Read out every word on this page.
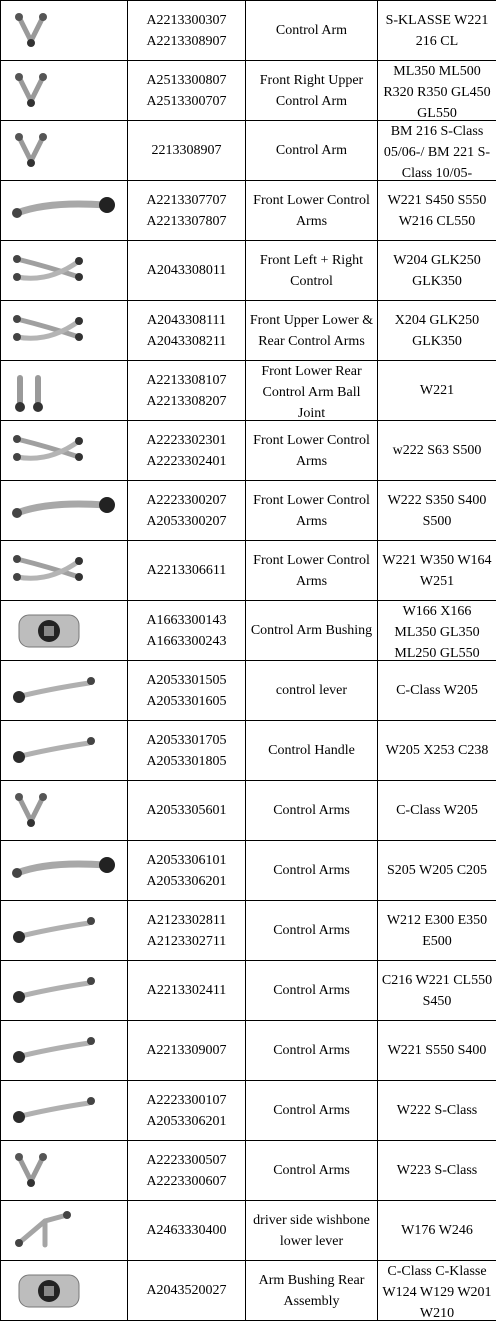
A2213300307
A2213308907	Control Arm	S-KLASSE W221 216 CL

A2513300807
A2513300707	Front Right Upper Control Arm	ML350 ML500 R320 R350 GL450 GL550

2213308907	Control Arm	BM 216 S-Class 05/06-/ BM 221 S-Class 10/05-

A2213307707
A2213307807	Front Lower Control Arms	W221 S450 S550 W216 CL550

A2043308011	Front Left + Right Control	W204 GLK250 GLK350

A2043308111
A2043308211	Front Upper Lower & Rear Control Arms	X204 GLK250 GLK350

A2213308107
A2213308207	Front Lower Rear Control Arm Ball Joint	W221

A2223302301
A2223302401	Front Lower Control Arms	w222 S63 S500

A2223300207
A2053300207	Front Lower Control Arms	W222 S350 S400 S500

A2213306611	Front Lower Control Arms	W221 W350 W164 W251

A1663300143
A1663300243	Control Arm Bushing	W166 X166 ML350 GL350 ML250 GL550

A2053301505
A2053301605	control lever	C-Class W205

A2053301705
A2053301805	Control Handle	W205 X253 C238

A2053305601	Control Arms	C-Class W205

A2053306101
A2053306201	Control Arms	S205 W205 C205

A2123302811
A2123302711	Control Arms	W212 E300 E350 E500

A2213302411	Control Arms	C216 W221 CL550 S450

A2213309007	Control Arms	W221 S550 S400

A2223300107
A2053306201	Control Arms	W222 S-Class

A2223300507
A2223300607	Control Arms	W223 S-Class

A2463330400	driver side wishbone lower lever	W176 W246

A2043520027	Arm Bushing Rear Assembly	C-Class C-Klasse W124 W129 W201 W210
